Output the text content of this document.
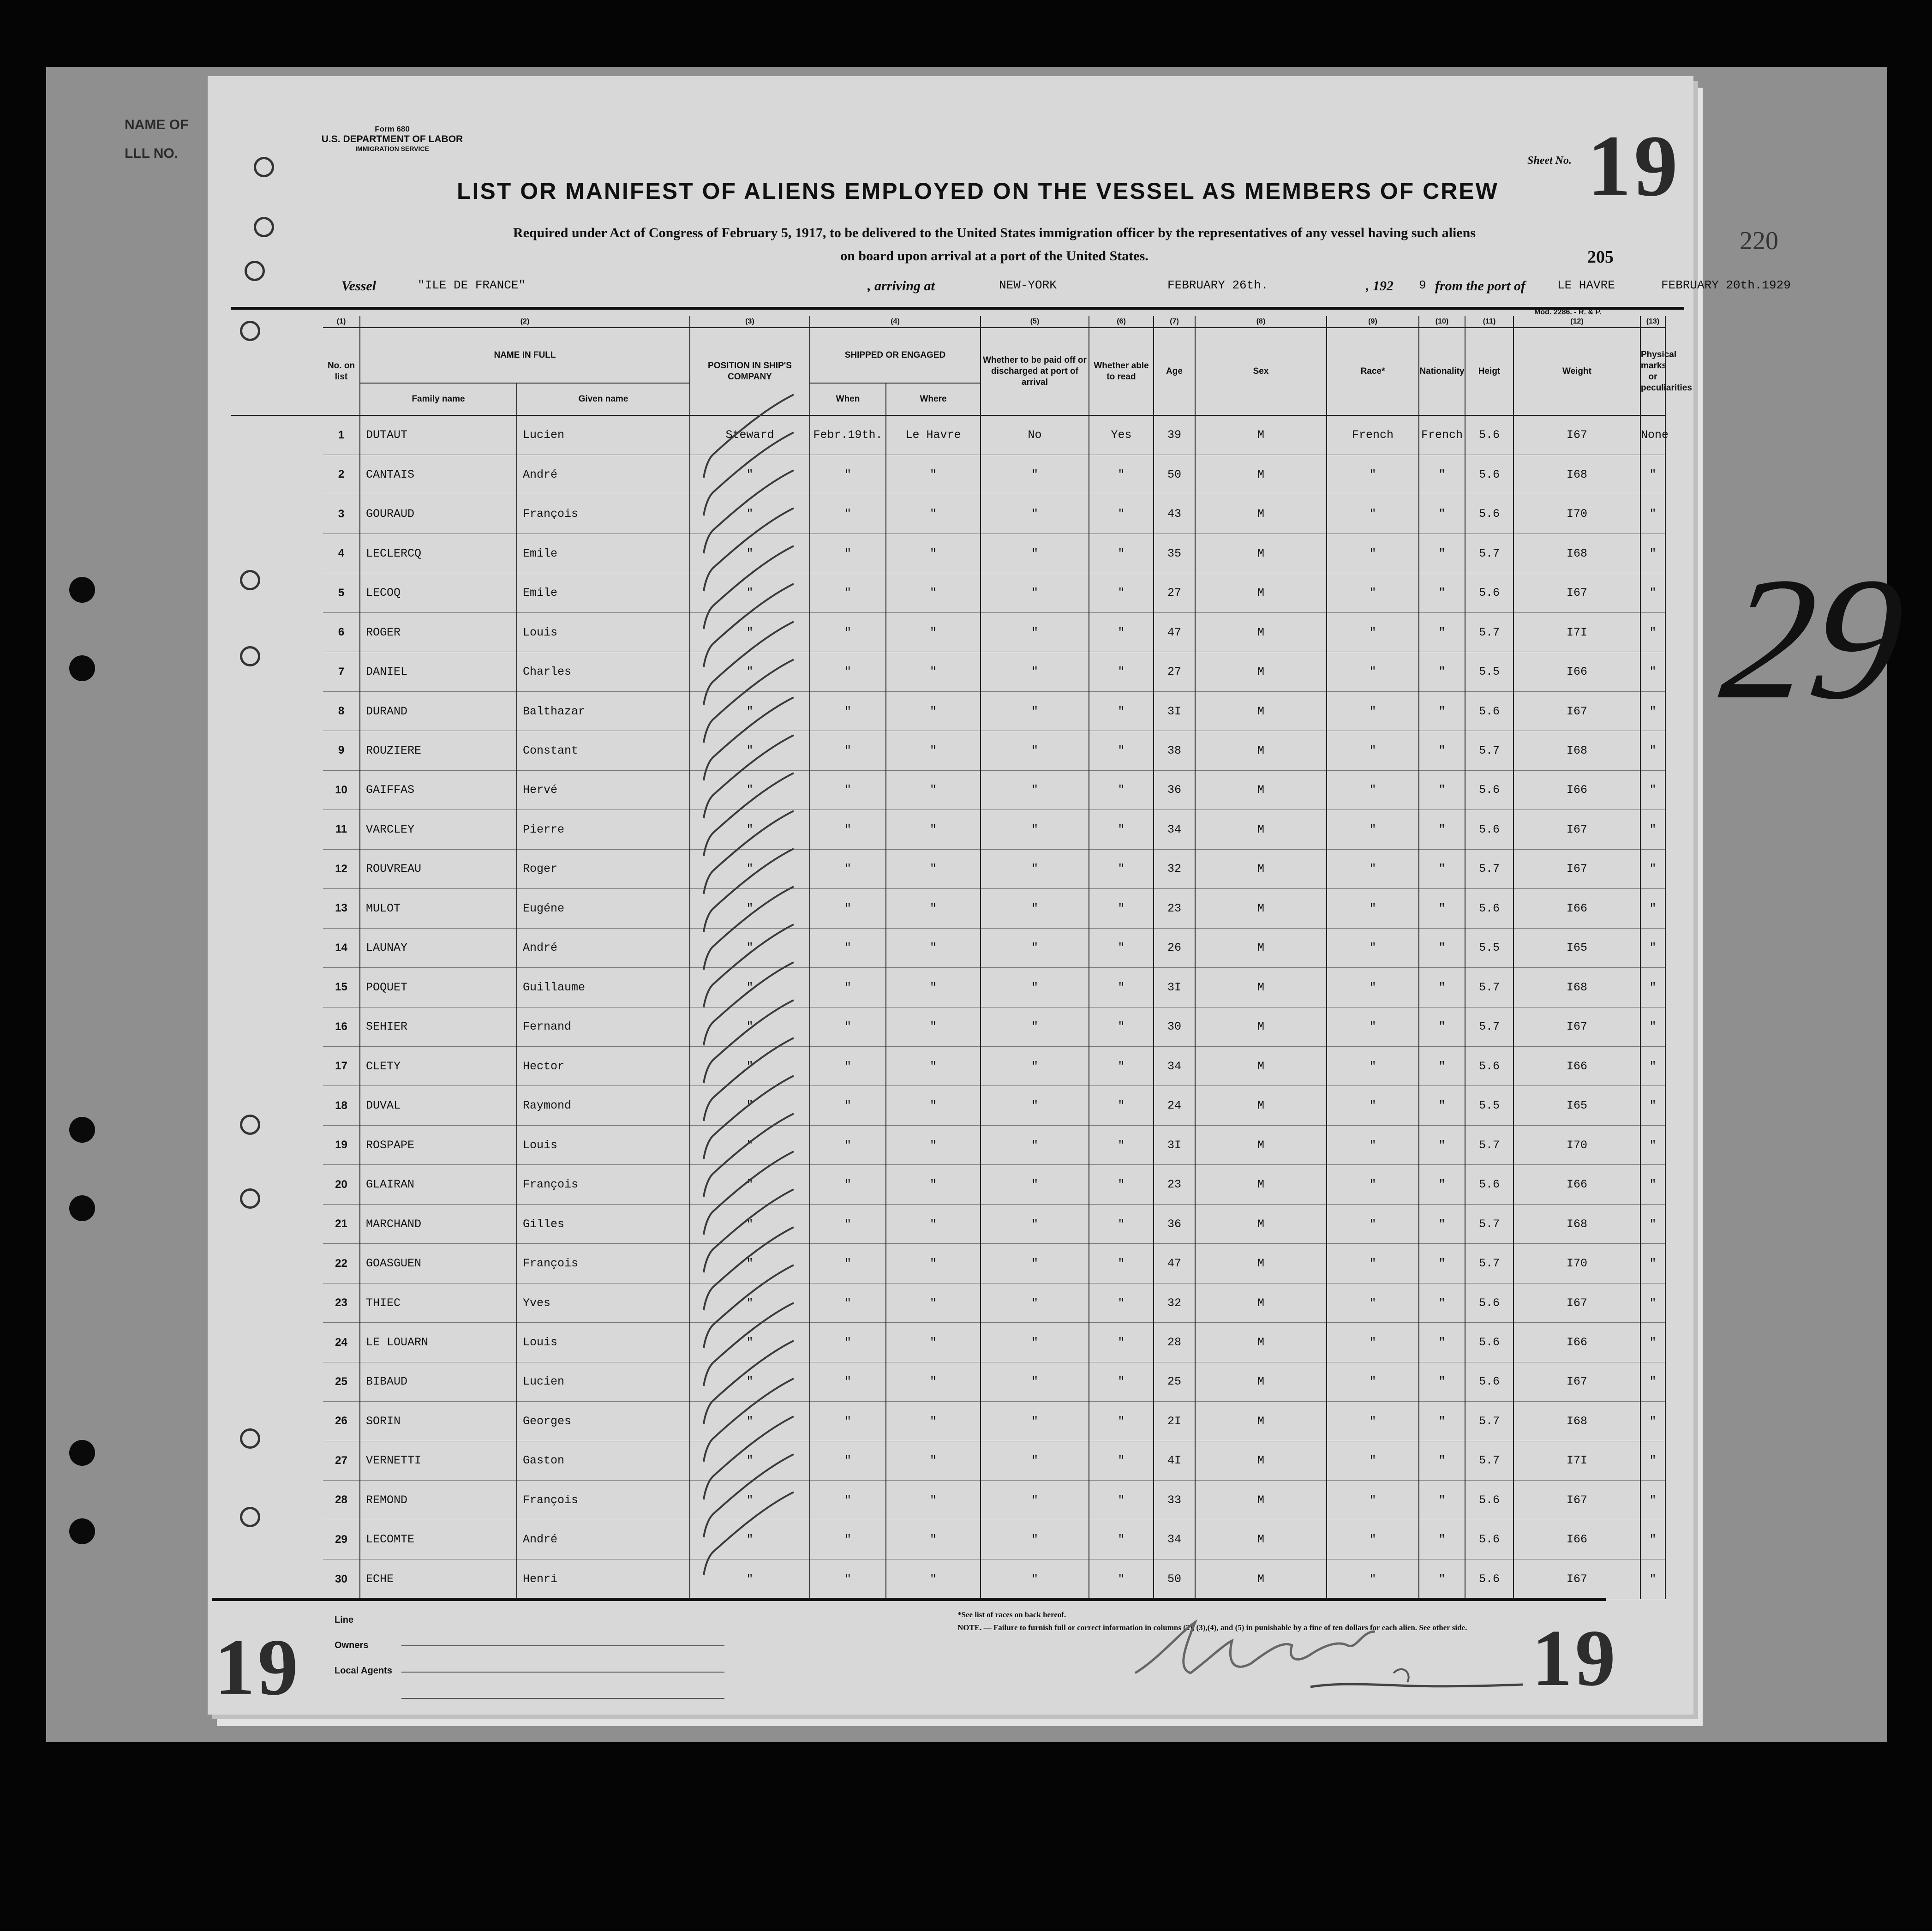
NAME OF
LLL NO.
220
29
Form 680
U.S. DEPARTMENT OF LABOR
IMMIGRATION SERVICE
Sheet No. 19
LIST OR MANIFEST OF ALIENS EMPLOYED ON THE VESSEL AS MEMBERS OF CREW
Required under Act of Congress of February 5, 1917, to be delivered to the United States immigration officer by the representatives of any vessel having such aliens
on board upon arrival at a port of the United States.	205
Vessel	"ILE DE FRANCE"	, arriving at	NEW-YORK	FEBRUARY 26th.	, 192 9 from the port of	LE HAVRE	FEBRUARY 20th.1929
Mod. 2286. - R. & P.
	(1)	(2)		(3)	(4)		(5)	(6)	(7)	(8)	(9)	(10)	(11)	(12)	(13)
	No. on list	NAME IN FULL		POSITION IN SHIP'S COMPANY	SHIPPED OR ENGAGED		Whether to be paid off or discharged at port of arrival	Whether able to read	Age	Sex	Race*	Nationality	Heigt	Weight	Physical marks or peculiarities
		Family name	Given name		When	Where									
	1	DUTAUT	Lucien	Steward	Febr.19th.	Le Havre	No	Yes	39	M	French	French	5.6	I67	None
	2	CANTAIS	André	"	"	"	"	"	50	M	"	"	5.6	I68	"
	3	GOURAUD	François	"	"	"	"	"	43	M	"	"	5.6	I70	"
	4	LECLERCQ	Emile	"	"	"	"	"	35	M	"	"	5.7	I68	"
	5	LECOQ	Emile	"	"	"	"	"	27	M	"	"	5.6	I67	"
	6	ROGER	Louis	"	"	"	"	"	47	M	"	"	5.7	I7I	"
	7	DANIEL	Charles	"	"	"	"	"	27	M	"	"	5.5	I66	"
	8	DURAND	Balthazar	"	"	"	"	"	3I	M	"	"	5.6	I67	"
	9	ROUZIERE	Constant	"	"	"	"	"	38	M	"	"	5.7	I68	"
	10	GAIFFAS	Hervé	"	"	"	"	"	36	M	"	"	5.6	I66	"
	11	VARCLEY	Pierre	"	"	"	"	"	34	M	"	"	5.6	I67	"
	12	ROUVREAU	Roger	"	"	"	"	"	32	M	"	"	5.7	I67	"
	13	MULOT	Eugéne	"	"	"	"	"	23	M	"	"	5.6	I66	"
	14	LAUNAY	André	"	"	"	"	"	26	M	"	"	5.5	I65	"
	15	POQUET	Guillaume	"	"	"	"	"	3I	M	"	"	5.7	I68	"
	16	SEHIER	Fernand	"	"	"	"	"	30	M	"	"	5.7	I67	"
	17	CLETY	Hector	"	"	"	"	"	34	M	"	"	5.6	I66	"
	18	DUVAL	Raymond	"	"	"	"	"	24	M	"	"	5.5	I65	"
	19	ROSPAPE	Louis	"	"	"	"	"	3I	M	"	"	5.7	I70	"
	20	GLAIRAN	François	"	"	"	"	"	23	M	"	"	5.6	I66	"
	21	MARCHAND	Gilles	"	"	"	"	"	36	M	"	"	5.7	I68	"
	22	GOASGUEN	François	"	"	"	"	"	47	M	"	"	5.7	I70	"
	23	THIEC	Yves	"	"	"	"	"	32	M	"	"	5.6	I67	"
	24	LE LOUARN	Louis	"	"	"	"	"	28	M	"	"	5.6	I66	"
	25	BIBAUD	Lucien	"	"	"	"	"	25	M	"	"	5.6	I67	"
	26	SORIN	Georges	"	"	"	"	"	2I	M	"	"	5.7	I68	"
	27	VERNETTI	Gaston	"	"	"	"	"	4I	M	"	"	5.7	I7I	"
	28	REMOND	François	"	"	"	"	"	33	M	"	"	5.6	I67	"
	29	LECOMTE	André	"	"	"	"	"	34	M	"	"	5.6	I66	"
	30	ECHE	Henri	"	"	"	"	"	50	M	"	"	5.6	I67	"
Line
Owners
Local Agents
*See list of races on back hereof.
NOTE. — Failure to furnish full or correct information in columns (2), (3),(4), and (5) in punishable by a fine of ten dollars for each alien. See other side.
19	19
